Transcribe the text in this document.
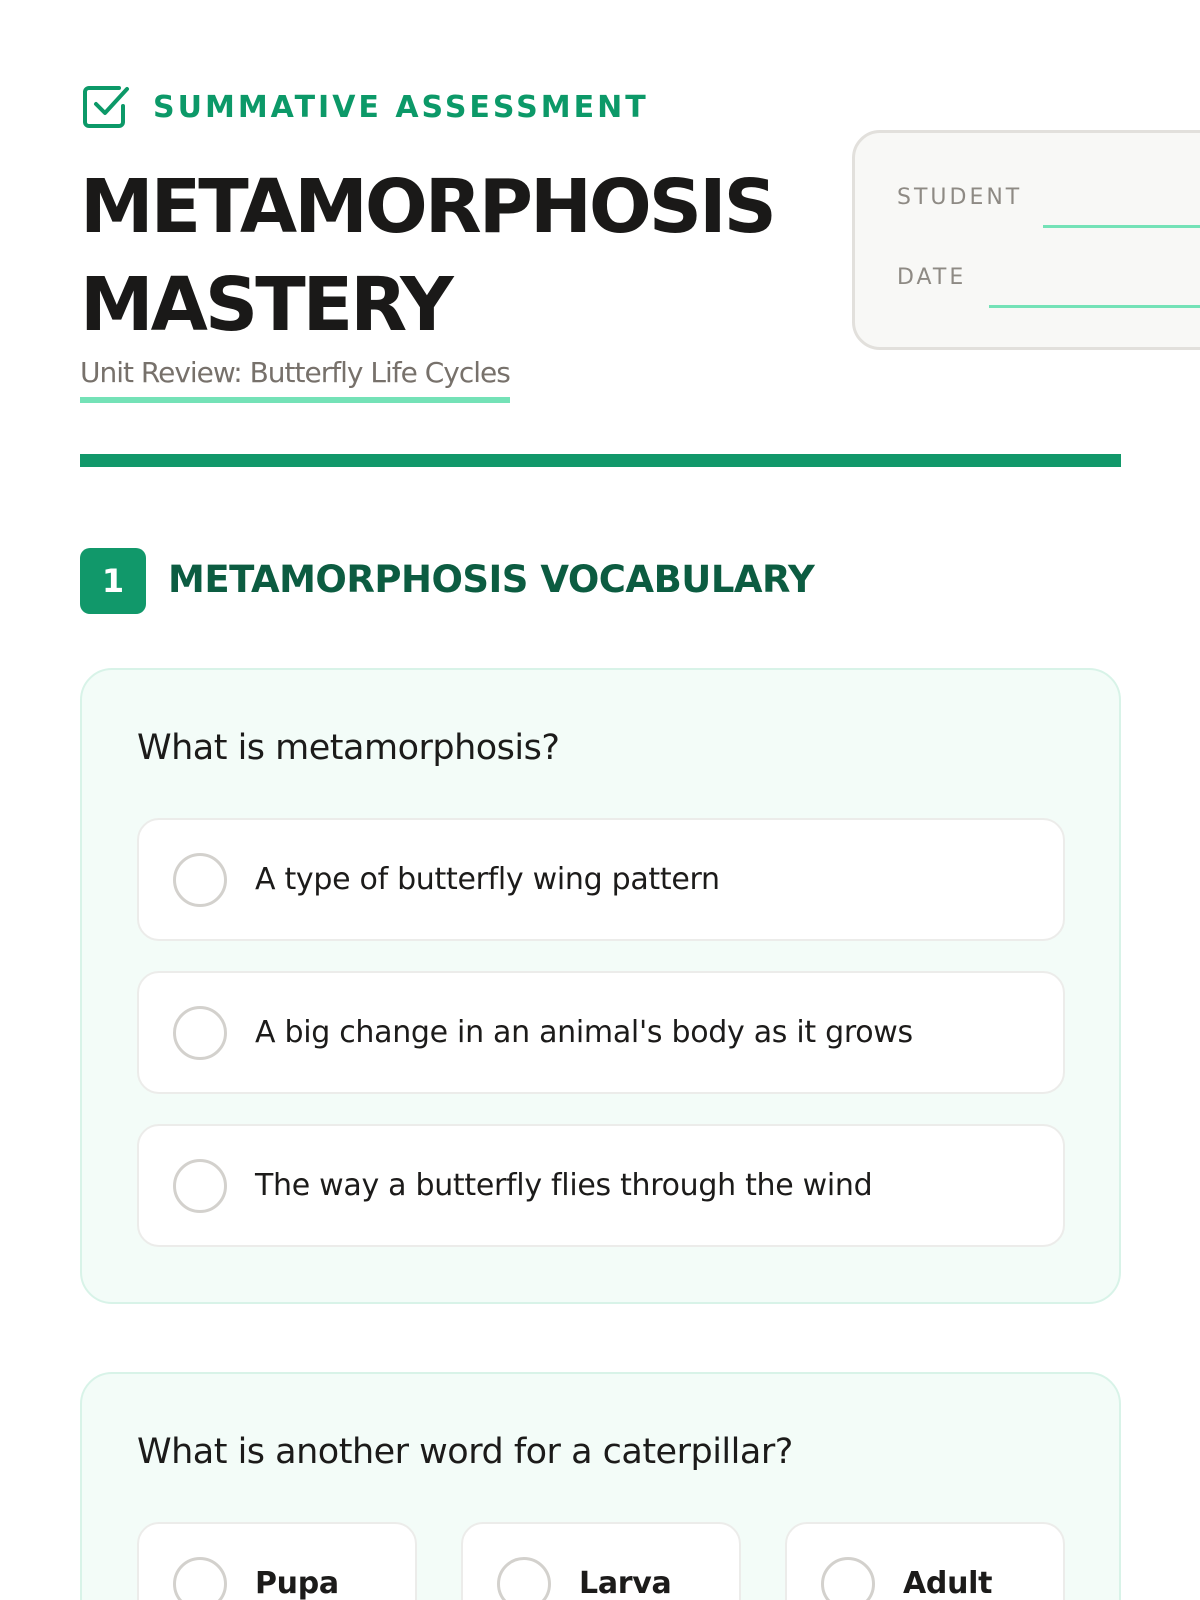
SUMMATIVE ASSESSMENT
METAMORPHOSIS
MASTERY
Unit Review: Butterfly Life Cycles
STUDENT
DATE
1	METAMORPHOSIS VOCABULARY
What is metamorphosis?
A type of butterfly wing pattern
A big change in an animal's body as it grows
The way a butterfly flies through the wind
What is another word for a caterpillar?
Pupa	Larva	Adult
